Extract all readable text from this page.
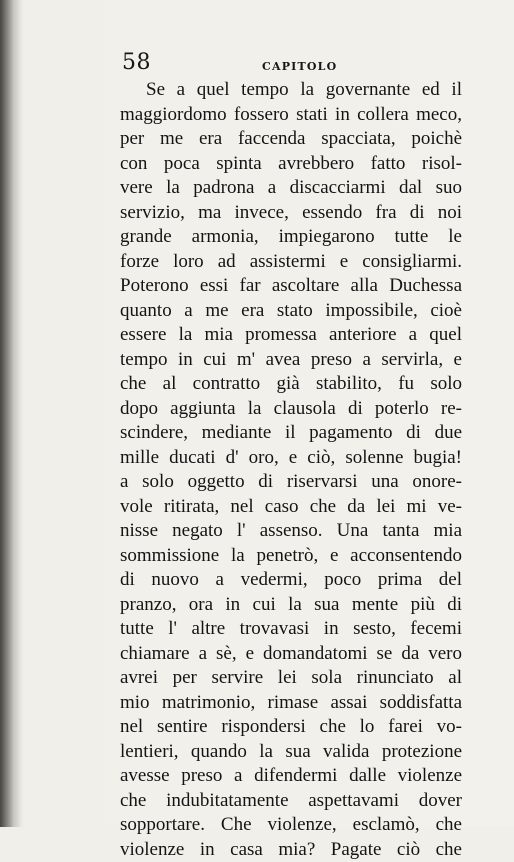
58	CAPITOLO
Se a quel tempo la governante ed il
maggiordomo fossero stati in collera meco,
per me era faccenda spacciata, poichè
con poca spinta avrebbero fatto risol-
vere la padrona a discacciarmi dal suo
servizio, ma invece, essendo fra di noi
grande armonia, impiegarono tutte le
forze loro ad assistermi e consigliarmi.
Poterono essi far ascoltare alla Duchessa
quanto a me era stato impossibile, cioè
essere la mia promessa anteriore a quel
tempo in cui m' avea preso a servirla, e
che al contratto già stabilito, fu solo
dopo aggiunta la clausola di poterlo re-
scindere, mediante il pagamento di due
mille ducati d' oro, e ciò, solenne bugia!
a solo oggetto di riservarsi una onore-
vole ritirata, nel caso che da lei mi ve-
nisse negato l' assenso. Una tanta mia
sommissione la penetrò, e acconsentendo
di nuovo a vedermi, poco prima del
pranzo, ora in cui la sua mente più di
tutte l' altre trovavasi in sesto, fecemi
chiamare a sè, e domandatomi se da vero
avrei per servire lei sola rinunciato al
mio matrimonio, rimase assai soddisfatta
nel sentire rispondersi che lo farei vo-
lentieri, quando la sua valida protezione
avesse preso a difendermi dalle violenze
che indubitatamente aspettavami dover
sopportare. Che violenze, esclamò, che
violenze in casa mia? Pagate ciò che
